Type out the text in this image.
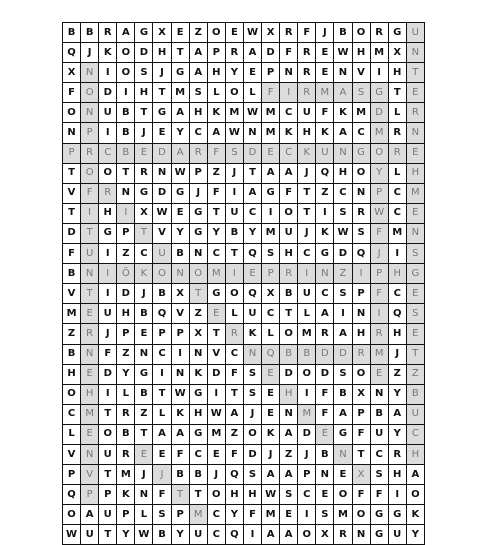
B	B	R	A	G	X	E	Z	O	E	W	X	R	F	J	B	O	R	G	U
Q	J	K	O	D	H	T	A	P	R	A	D	F	R	E	W	H	M	X	N
X	N	I	O	S	J	G	A	H	Y	E	P	N	R	E	N	V	I	H	T
F	O	D	I	H	T	M	S	L	O	L	F	I	R	M	A	S	G	T	E
O	N	U	B	T	G	A	H	K	M	W	M	C	U	F	K	M	D	L	R
N	P	I	B	J	E	Y	C	A	W	N	M	K	H	K	A	C	M	R	N
P	R	C	B	E	D	A	R	F	S	D	E	C	K	U	N	G	O	R	E
T	O	O	T	R	N	W	P	Z	J	T	A	A	J	Q	H	O	Y	L	H
V	F	R	N	G	D	G	J	F	I	A	G	F	T	Z	C	N	P	C	M
T	I	H	I	X	W	E	G	T	U	C	I	O	T	I	S	R	W	C	E
D	T	G	P	T	V	Y	G	Y	B	Y	M	U	J	K	W	S	F	M	N
F	U	I	Z	C	U	B	N	C	T	Q	S	H	C	G	D	Q	J	I	S
B	N	I	Ö	K	O	N	O	M	I	E	P	R	I	N	Z	I	P	H	G
V	T	I	D	J	B	X	T	G	O	Q	X	B	U	C	S	P	F	C	E
M	E	U	H	B	Q	V	Z	E	L	U	C	T	L	A	I	N	I	Q	S
Z	R	J	P	E	P	P	X	T	R	K	L	O	M	R	A	H	R	H	E
B	N	F	Z	N	C	I	N	V	C	N	Q	B	B	D	D	R	M	J	T
H	E	D	Y	G	I	N	K	D	F	S	E	D	O	D	S	O	E	Z	Z
O	H	I	L	B	T	W	G	I	T	S	E	H	I	F	B	X	N	Y	B
C	M	T	R	Z	L	K	H	W	A	J	E	N	M	F	A	P	B	A	U
L	E	O	B	T	A	A	G	M	Z	O	K	A	D	E	G	F	U	Y	C
V	N	U	R	E	E	F	C	E	F	D	J	Z	J	B	N	T	C	R	H
P	V	T	M	J	J	B	B	J	Q	S	A	A	P	N	E	X	S	H	A
Q	P	P	K	N	F	T	T	O	H	H	W	S	C	E	O	F	F	I	O
O	A	U	P	L	S	P	M	C	Y	F	M	E	I	S	M	O	G	G	K
W	U	T	Y	W	B	Y	U	C	Q	I	A	A	O	X	R	N	G	U	Y
